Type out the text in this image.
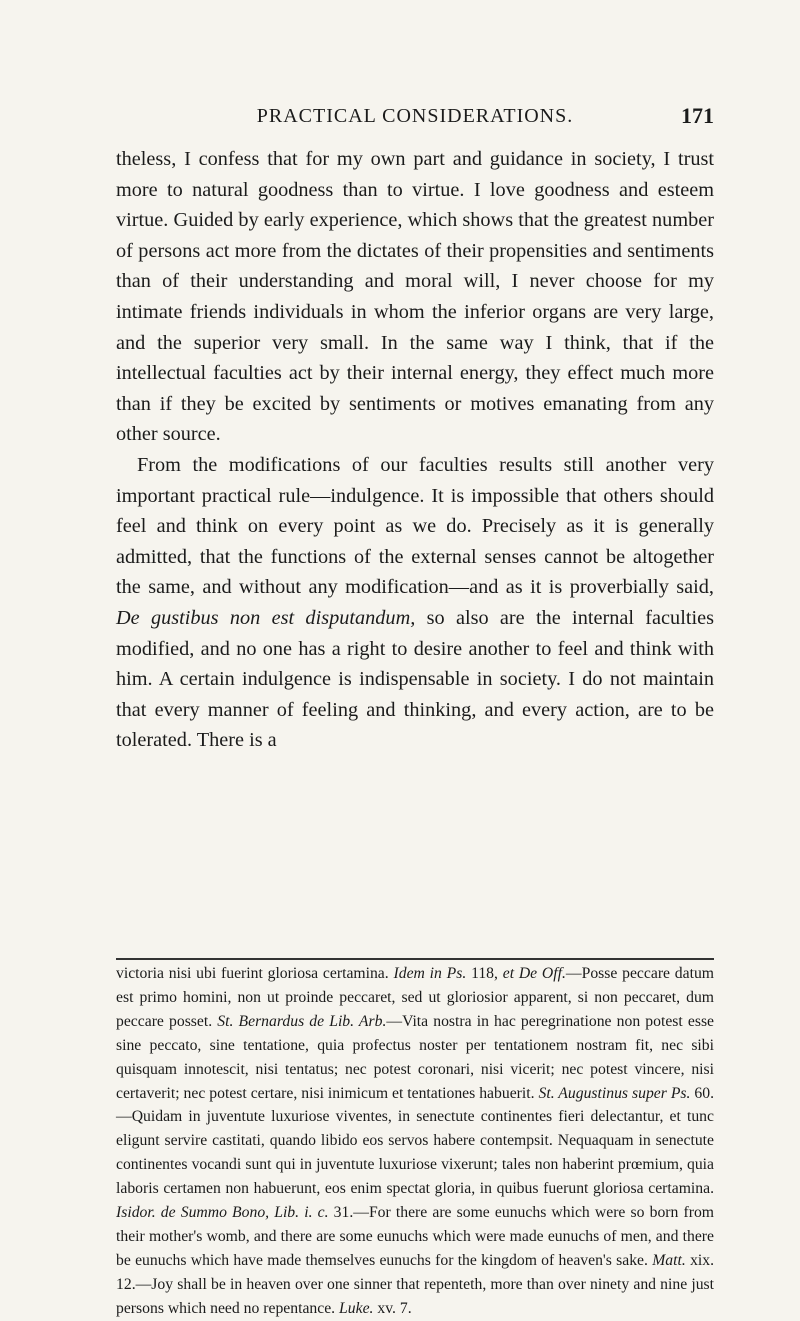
PRACTICAL CONSIDERATIONS.	171

theless, I confess that for my own part and guidance in society, I trust more to natural goodness than to virtue. I love goodness and esteem virtue. Guided by early experience, which shows that the greatest number of persons act more from the dictates of their propensities and sentiments than of their understanding and moral will, I never choose for my intimate friends individuals in whom the inferior organs are very large, and the superior very small. In the same way I think, that if the intellectual faculties act by their internal energy, they effect much more than if they be excited by sentiments or motives emanating from any other source.

From the modifications of our faculties results still another very important practical rule—indulgence. It is impossible that others should feel and think on every point as we do. Precisely as it is generally admitted, that the functions of the external senses cannot be altogether the same, and without any modification—and as it is proverbially said, De gustibus non est disputandum, so also are the internal faculties modified, and no one has a right to desire another to feel and think with him. A certain indulgence is indispensable in society. I do not maintain that every manner of feeling and thinking, and every action, are to be tolerated. There is a

victoria nisi ubi fuerint gloriosa certamina. Idem in Ps. 118, et De Off.—Posse peccare datum est primo homini, non ut proinde peccaret, sed ut gloriosior apparent, si non peccaret, dum peccare posset. St. Bernardus de Lib. Arb.—Vita nostra in hac peregrinatione non potest esse sine peccato, sine tentatione, quia profectus noster per tentationem nostram fit, nec sibi quisquam innotescit, nisi tentatus; nec potest coronari, nisi vicerit; nec potest vincere, nisi certaverit; nec potest certare, nisi inimicum et tentationes habuerit. St. Augustinus super Ps. 60.—Quidam in juventute luxuriose viventes, in senectute continentes fieri delectantur, et tunc eligunt servire castitati, quando libido eos servos habere contempsit. Nequaquam in senectute continentes vocandi sunt qui in juventute luxuriose vixerunt; tales non haberint prœmium, quia laboris certamen non habuerunt, eos enim spectat gloria, in quibus fuerunt gloriosa certamina. Isidor. de Summo Bono, Lib. i. c. 31.—For there are some eunuchs which were so born from their mother's womb, and there are some eunuchs which were made eunuchs of men, and there be eunuchs which have made themselves eunuchs for the kingdom of heaven's sake. Matt. xix. 12.—Joy shall be in heaven over one sinner that repenteth, more than over ninety and nine just persons which need no repentance. Luke. xv. 7.
